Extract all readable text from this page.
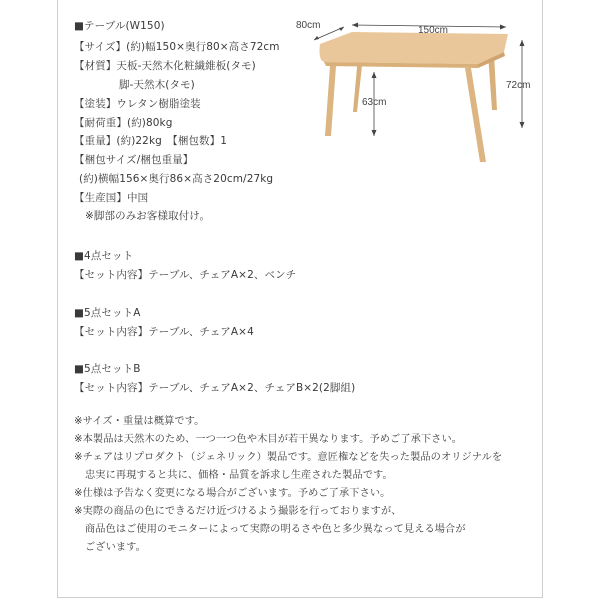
■テーブル(W150)
【サイズ】(約)幅150×奥行80×高さ72cm
【材質】天板-天然木化粧繊維板(タモ)
脚-天然木(タモ)
【塗装】ウレタン樹脂塗装
【耐荷重】(約)80kg
【重量】(約)22kg　【梱包数】1
【梱包サイズ/梱包重量】
(約)横幅156×奥行86×高さ20cm/27kg
【生産国】中国
※脚部のみお客様取付け。
■4点セット
【セット内容】テーブル、チェアA×2、ベンチ
■5点セットA
【セット内容】テーブル、チェアA×4
■5点セットB
【セット内容】テーブル、チェアA×2、チェアB×2(2脚組)
※サイズ・重量は概算です。
※本製品は天然木のため、一つ一つ色や木目が若干異なります。予めご了承下さい。
※チェアはリプロダクト（ジェネリック）製品です。意匠権などを失った製品のオリジナルを
忠実に再現すると共に、価格・品質を訴求し生産された製品です。
※仕様は予告なく変更になる場合がございます。予めご了承下さい。
※実際の商品の色にできるだけ近づけるよう撮影を行っておりますが、
商品色はご使用のモニターによって実際の明るさや色と多少異なって見える場合が
ございます。
80cm	150cm
72cm
63cm
